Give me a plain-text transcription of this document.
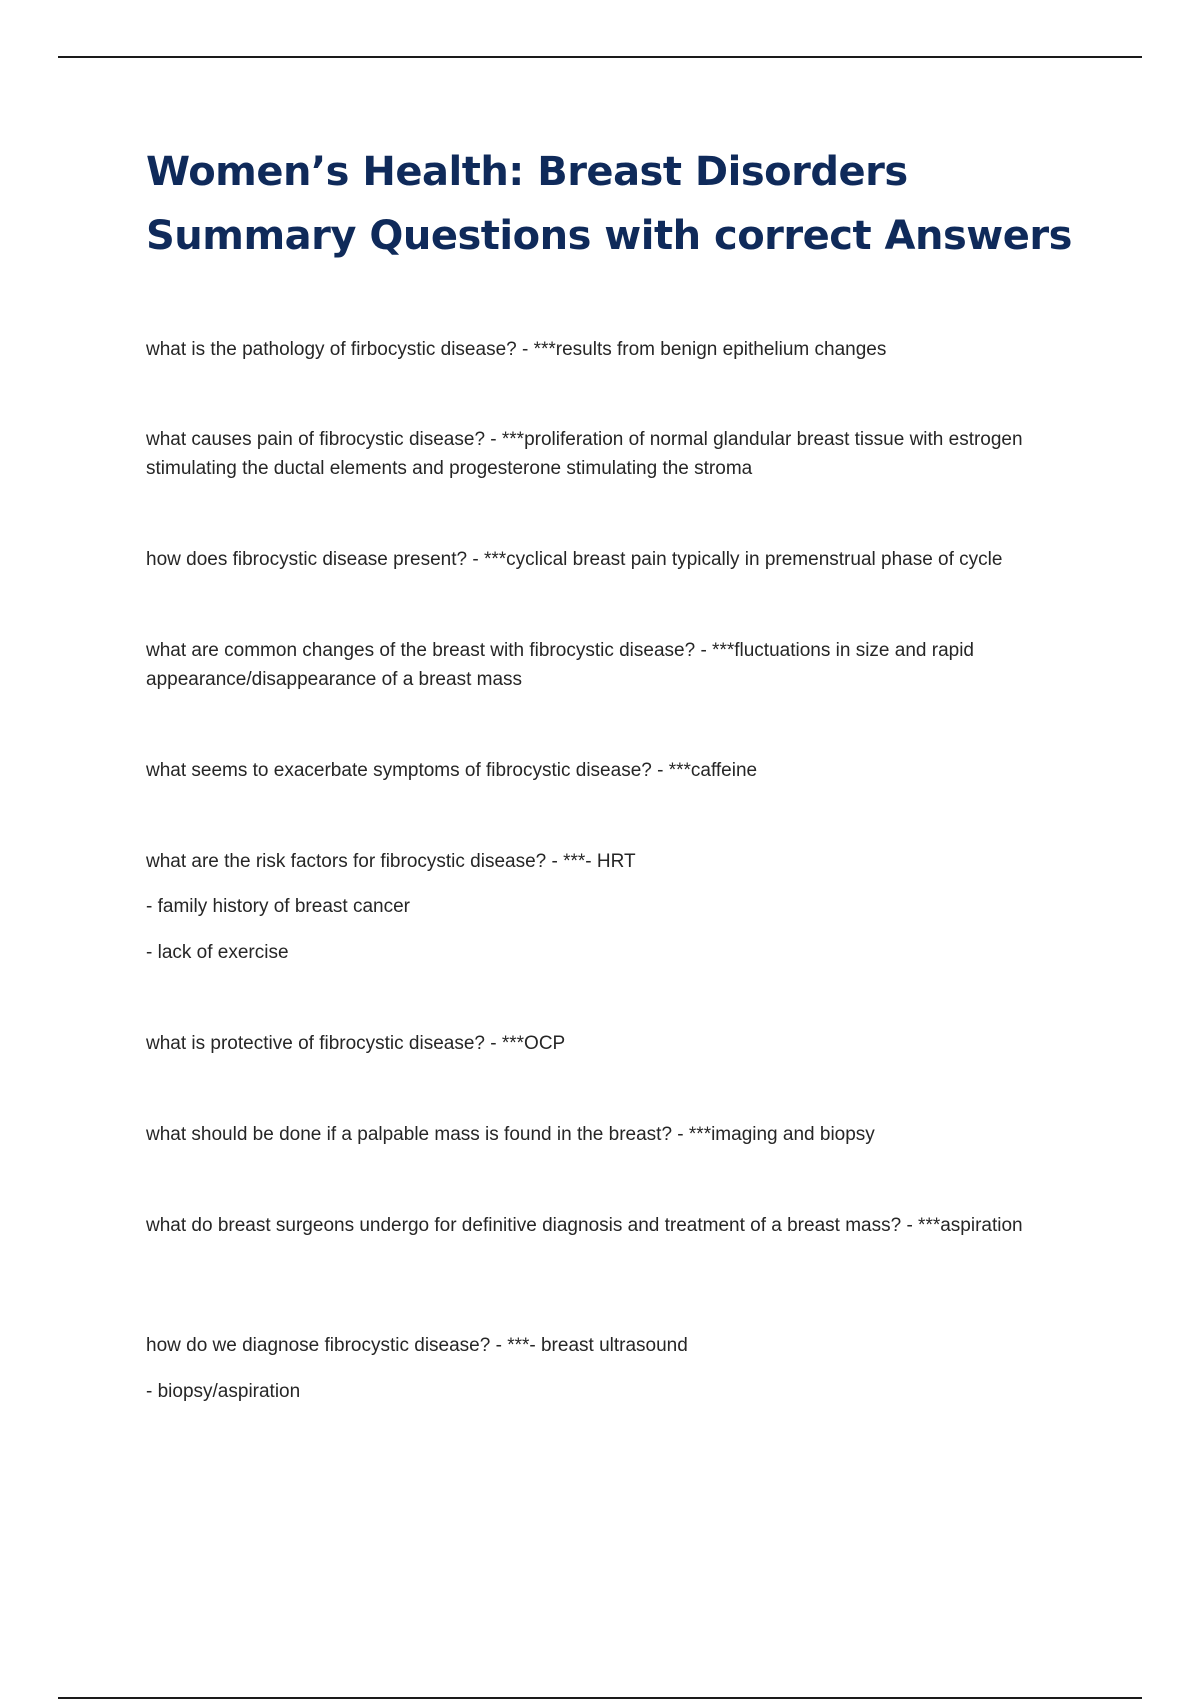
Women’s Health: Breast Disorders Summary Questions with correct Answers

what is the pathology of firbocystic disease? - ***results from benign epithelium changes

what causes pain of fibrocystic disease? - ***proliferation of normal glandular breast tissue with estrogen stimulating the ductal elements and progesterone stimulating the stroma

how does fibrocystic disease present? - ***cyclical breast pain typically in premenstrual phase of cycle

what are common changes of the breast with fibrocystic disease? - ***fluctuations in size and rapid appearance/disappearance of a breast mass

what seems to exacerbate symptoms of fibrocystic disease? - ***caffeine

what are the risk factors for fibrocystic disease? - ***- HRT

- family history of breast cancer

- lack of exercise

what is protective of fibrocystic disease? - ***OCP

what should be done if a palpable mass is found in the breast? - ***imaging and biopsy

what do breast surgeons undergo for definitive diagnosis and treatment of a breast mass? - ***aspiration

how do we diagnose fibrocystic disease? - ***- breast ultrasound

- biopsy/aspiration
